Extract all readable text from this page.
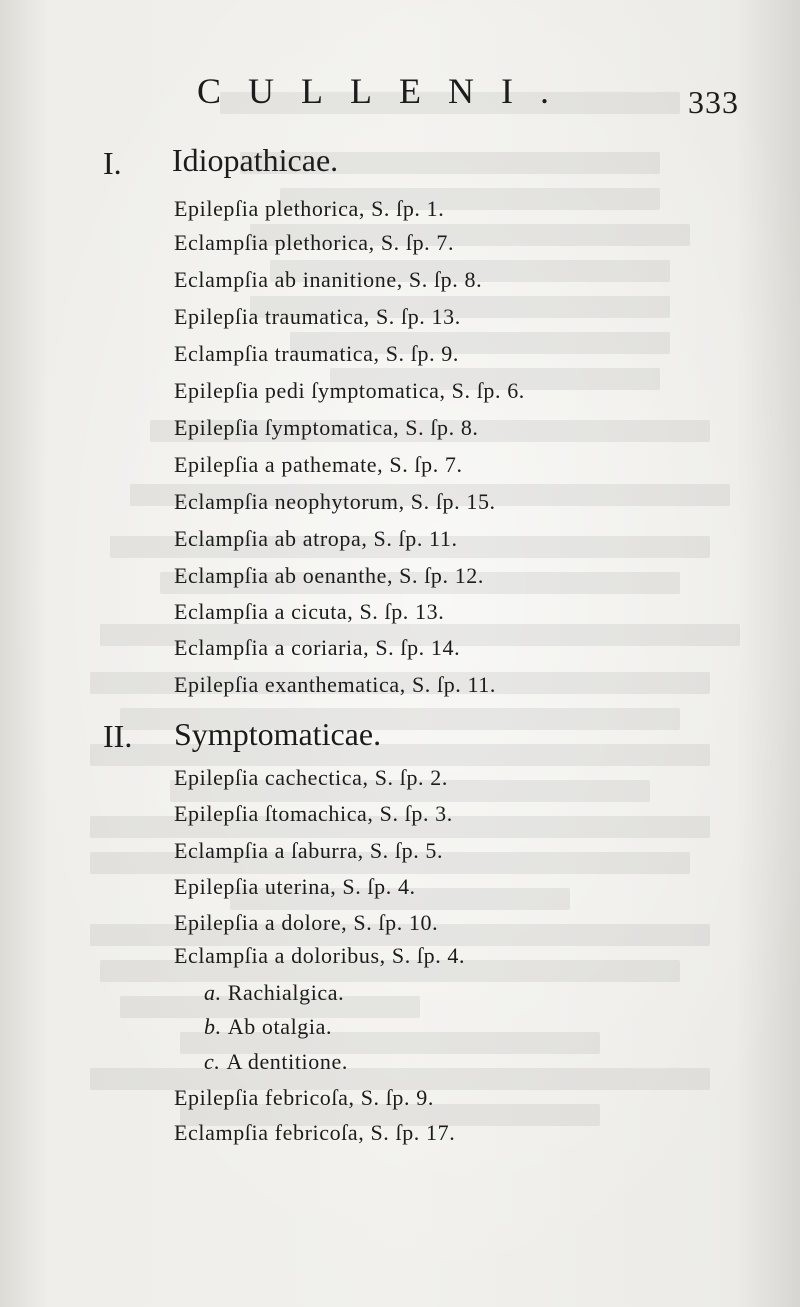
CULLENI.	333
I. Idiopathicae.
Epilepſia plethorica, S. ſp. 1.
Eclampſia plethorica, S. ſp. 7.
Eclampſia ab inanitione, S. ſp. 8.
Epilepſia traumatica, S. ſp. 13.
Eclampſia traumatica, S. ſp. 9.
Epilepſia pedi ſymptomatica, S. ſp. 6.
Epilepſia ſymptomatica, S. ſp. 8.
Epilepſia a pathemate, S. ſp. 7.
Eclampſia neophytorum, S. ſp. 15.
Eclampſia ab atropa, S. ſp. 11.
Eclampſia ab oenanthe, S. ſp. 12.
Eclampſia a cicuta, S. ſp. 13.
Eclampſia a coriaria, S. ſp. 14.
Epilepſia exanthematica, S. ſp. 11.
II. Symptomaticae.
Epilepſia cachectica, S. ſp. 2.
Epilepſia ſtomachica, S. ſp. 3.
Eclampſia a ſaburra, S. ſp. 5.
Epilepſia uterina, S. ſp. 4.
Epilepſia a dolore, S. ſp. 10.
Eclampſia a doloribus, S. ſp. 4.
a. Rachialgica.
b. Ab otalgia.
c. A dentitione.
Epilepſia febricoſa, S. ſp. 9.
Eclampſia febricoſa, S. ſp. 17.
